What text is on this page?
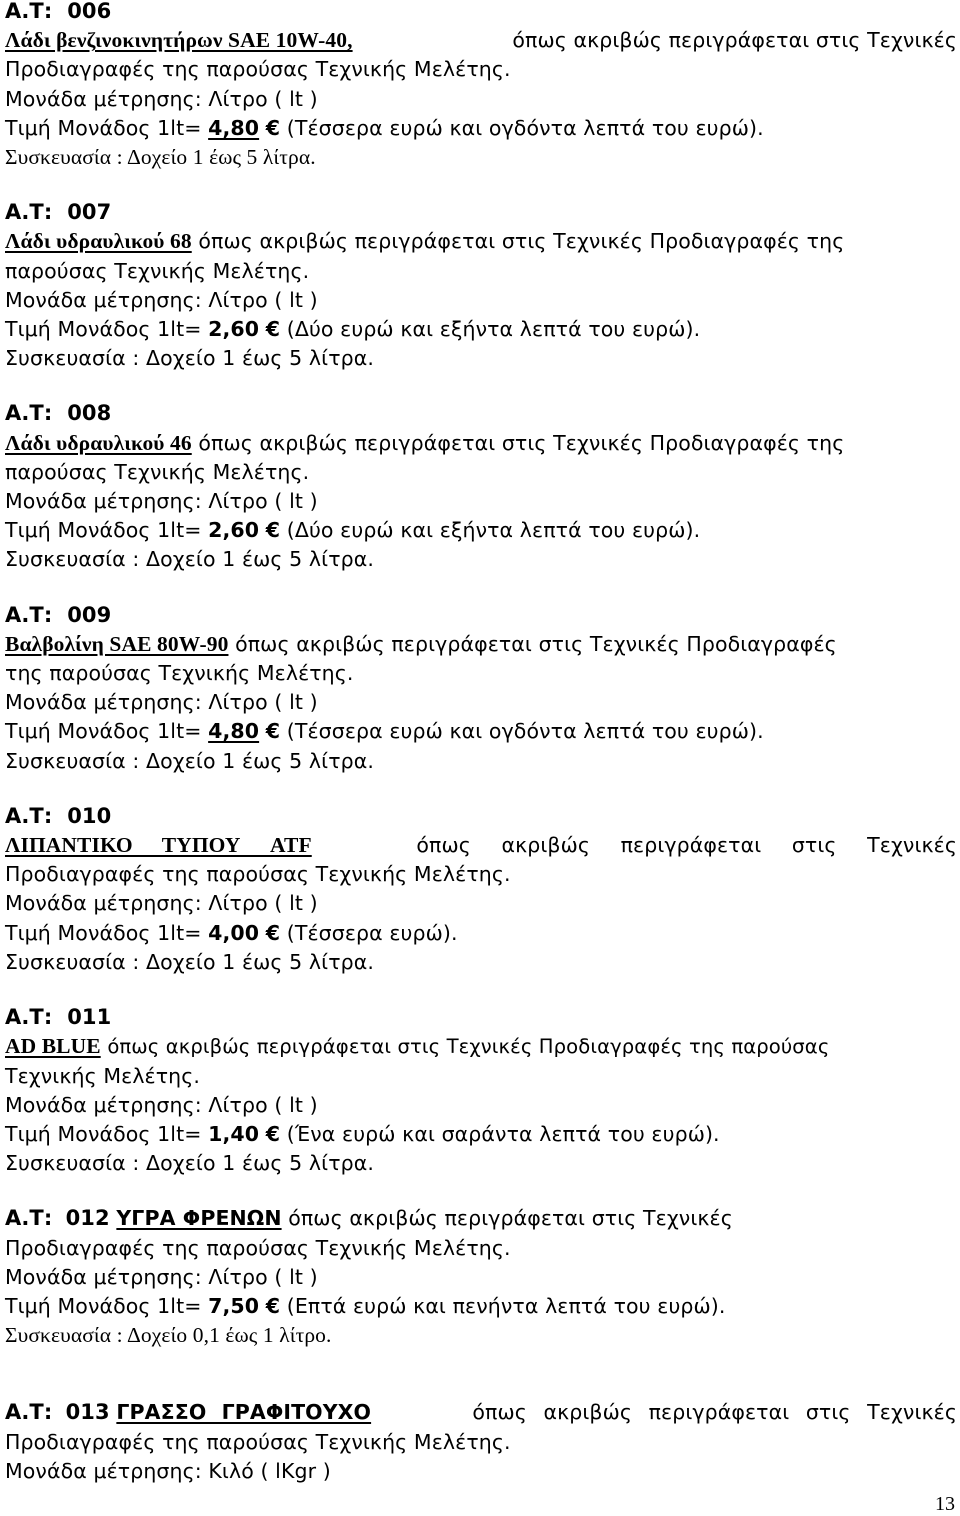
Α.Τ: 006
Λάδι βενζινοκινητήρων SAE 10W-40,	όπως ακριβώς περιγράφεται στις Τεχνικές
Προδιαγραφές της παρούσας Τεχνικής Μελέτης.
Μονάδα μέτρησης: Λίτρο ( lt )
Τιμή Μονάδος 1lt= 4,80 € (Τέσσερα ευρώ και ογδόντα λεπτά του ευρώ).
Συσκευασία : Δοχείο 1 έως 5 λίτρα.
Α.Τ: 007
Λάδι υδραυλικού 68 όπως ακριβώς περιγράφεται στις Τεχνικές Προδιαγραφές της
παρούσας Τεχνικής Μελέτης.
Μονάδα μέτρησης: Λίτρο ( lt )
Τιμή Μονάδος 1lt= 2,60 € (Δύο ευρώ και εξήντα λεπτά του ευρώ).
Συσκευασία : Δοχείο 1 έως 5 λίτρα.
Α.Τ: 008
Λάδι υδραυλικού 46 όπως ακριβώς περιγράφεται στις Τεχνικές Προδιαγραφές της
παρούσας Τεχνικής Μελέτης.
Μονάδα μέτρησης: Λίτρο ( lt )
Τιμή Μονάδος 1lt= 2,60 € (Δύο ευρώ και εξήντα λεπτά του ευρώ).
Συσκευασία : Δοχείο 1 έως 5 λίτρα.
Α.Τ: 009
Βαλβολίνη SAE 80W-90 όπως ακριβώς περιγράφεται στις Τεχνικές Προδιαγραφές
της παρούσας Τεχνικής Μελέτης.
Μονάδα μέτρησης: Λίτρο ( lt )
Τιμή Μονάδος 1lt= 4,80 € (Τέσσερα ευρώ και ογδόντα λεπτά του ευρώ).
Συσκευασία : Δοχείο 1 έως 5 λίτρα.
Α.Τ: 010
ΛΙΠΑΝΤΙΚΟ ΤΥΠΟΥ ATF	όπως ακριβώς περιγράφεται στις Τεχνικές
Προδιαγραφές της παρούσας Τεχνικής Μελέτης.
Μονάδα μέτρησης: Λίτρο ( lt )
Τιμή Μονάδος 1lt= 4,00 € (Τέσσερα ευρώ).
Συσκευασία : Δοχείο 1 έως 5 λίτρα.
Α.Τ: 011
AD BLUE όπως ακριβώς περιγράφεται στις Τεχνικές Προδιαγραφές της παρούσας
Τεχνικής Μελέτης.
Μονάδα μέτρησης: Λίτρο ( lt )
Τιμή Μονάδος 1lt= 1,40 € (Ένα ευρώ και σαράντα λεπτά του ευρώ).
Συσκευασία : Δοχείο 1 έως 5 λίτρα.
Α.Τ: 012 ΥΓΡΑ ΦΡΕΝΩΝ όπως ακριβώς περιγράφεται στις Τεχνικές
Προδιαγραφές της παρούσας Τεχνικής Μελέτης.
Μονάδα μέτρησης: Λίτρο ( lt )
Τιμή Μονάδος 1lt= 7,50 € (Επτά ευρώ και πενήντα λεπτά του ευρώ).
Συσκευασία : Δοχείο 0,1 έως 1 λίτρο.
Α.Τ: 013 ΓΡΑΣΣΟ ΓΡΑΦΙΤΟΥΧΟ	όπως ακριβώς περιγράφεται στις Τεχνικές
Προδιαγραφές της παρούσας Τεχνικής Μελέτης.
Μονάδα μέτρησης: Κιλό ( lKgr )
13
